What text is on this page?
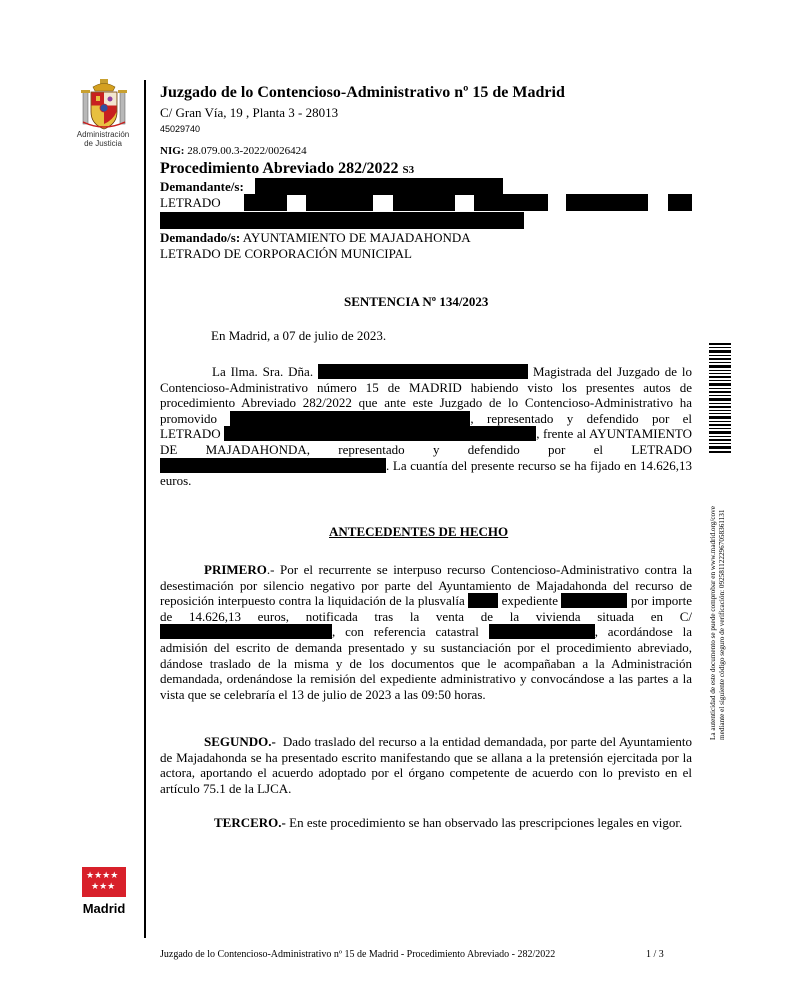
Administración
de Justicia
Juzgado de lo Contencioso-Administrativo nº 15 de Madrid
C/ Gran Vía, 19 , Planta 3 - 28013
45029740
NIG: 28.079.00.3-2022/0026424
Procedimiento Abreviado 282/2022 S3
Demandante/s:
LETRADO
Demandado/s: AYUNTAMIENTO DE MAJADAHONDA
LETRADO DE CORPORACIÓN MUNICIPAL
SENTENCIA Nº 134/2023
En Madrid, a 07 de julio de 2023.

La Ilma. Sra. Dña.	Magistrada del Juzgado de lo Contencioso-Administrativo número 15 de MADRID habiendo visto los presentes autos de procedimiento Abreviado 282/2022 que ante este Juzgado de lo Contencioso-Administrativo ha promovido	, representado y defendido por el LETRADO	, frente al AYUNTAMIENTO DE MAJADAHONDA, representado y defendido por el LETRADO . La cuantía del presente recurso se ha fijado en 14.626,13 euros.

ANTECEDENTES DE HECHO

PRIMERO.- Por el recurrente se interpuso recurso Contencioso-Administrativo contra la desestimación por silencio negativo por parte del Ayuntamiento de Majadahonda del recurso de reposición interpuesto contra la liquidación de la plusvalía	expediente	por importe de 14.626,13 euros, notificada tras la venta de la vivienda situada en C/ , con referencia catastral	, acordándose la admisión del escrito de demanda presentado y su sustanciación por el procedimiento abreviado, dándose traslado de la misma y de los documentos que le acompañaban a la Administración demandada, ordenándose la remisión del expediente administrativo y convocándose a las partes a la vista que se celebraría el 13 de julio de 2023 a las 09:50 horas.

SEGUNDO.- Dado traslado del recurso a la entidad demandada, por parte del Ayuntamiento de Majadahonda se ha presentado escrito manifestando que se allana a la pretensión ejercitada por la actora, aportando el acuerdo adoptado por el órgano competente de acuerdo con lo previsto en el artículo 75.1 de la LJCA.

TERCERO.- En este procedimiento se han observado las prescripciones legales en vigor.

★★★★
★★★
Madrid
La autenticidad de este documento se puede comprobar en www.madrid.org/cove mediante el siguiente código seguro de verificación: 0925811222967058361131
Juzgado de lo Contencioso-Administrativo nº 15 de Madrid - Procedimiento Abreviado - 282/2022	1 / 3
